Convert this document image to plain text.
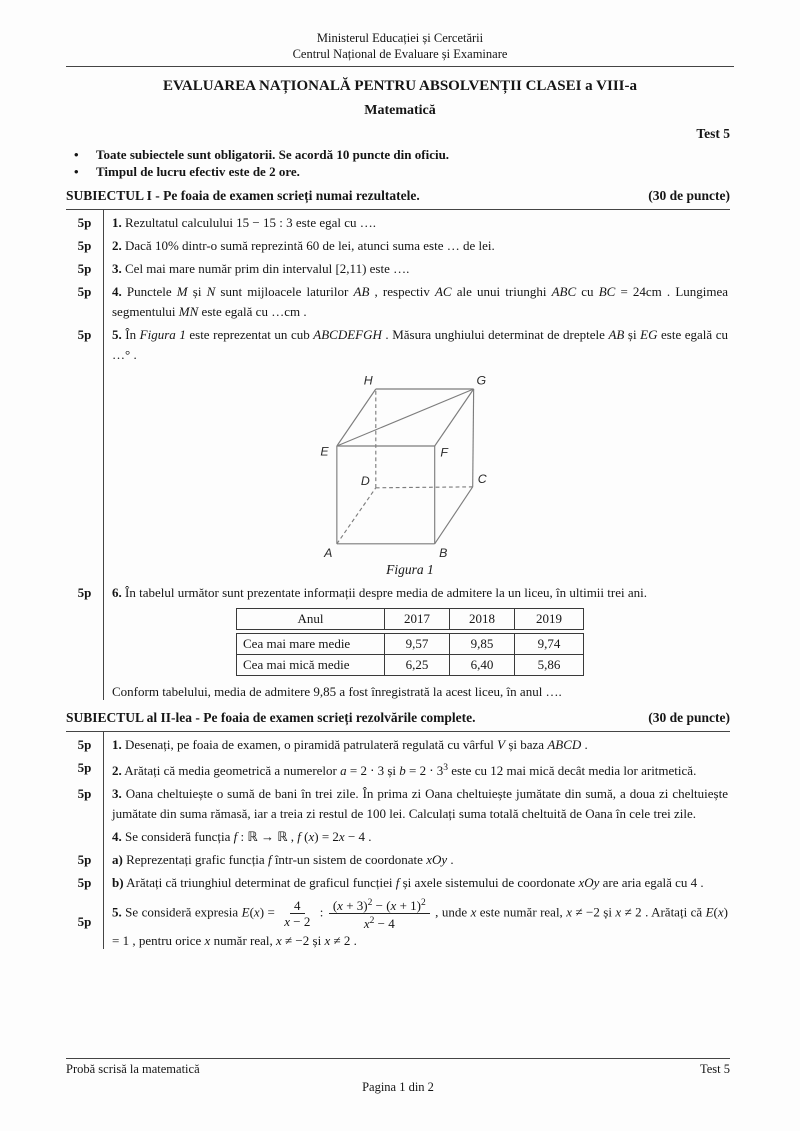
Ministerul Educației și Cercetării
Centrul Național de Evaluare și Examinare
EVALUAREA NAȚIONALĂ PENTRU ABSOLVENȚII CLASEI a VIII-a
Matematică
Test 5
•	Toate subiectele sunt obligatorii. Se acordă 10 puncte din oficiu.
•	Timpul de lucru efectiv este de 2 ore.
SUBIECTUL I - Pe foaia de examen scrieți numai rezultatele.	(30 de puncte)
5p	1. Rezultatul calculului 15 − 15 : 3 este egal cu ….
5p	2. Dacă 10% dintr-o sumă reprezintă 60 de lei, atunci suma este … de lei.
5p	3. Cel mai mare număr prim din intervalul [2,11) este ….
5p	4. Punctele M și N sunt mijloacele laturilor AB , respectiv AC ale unui triunghi ABC cu BC = 24cm . Lungimea segmentului MN este egală cu …cm .
5p	5. În Figura 1 este reprezentat un cub ABCDEFGH . Măsura unghiului determinat de dreptele AB și EG este egală cu …° .
H	G
E	F
D	C
A	B
Figura 1
5p	6. În tabelul următor sunt prezentate informații despre media de admitere la un liceu, în ultimii trei ani.
Anul	2017	2018	2019
Cea mai mare medie	9,57	9,85	9,74
Cea mai mică medie	6,25	6,40	5,86
Conform tabelului, media de admitere 9,85 a fost înregistrată la acest liceu, în anul ….
SUBIECTUL al II-lea - Pe foaia de examen scrieți rezolvările complete.	(30 de puncte)
5p	1. Desenați, pe foaia de examen, o piramidă patrulateră regulată cu vârful V și baza ABCD .
5p	2. Arătați că media geometrică a numerelor a = 2 ⋅ 3 și $b = 2 \cdot 3^3$ este cu 12 mai mică decât media lor aritmetică.
5p	3. Oana cheltuiește o sumă de bani în trei zile. În prima zi Oana cheltuiește jumătate din sumă, a doua zi cheltuiește jumătate din suma rămasă, iar a treia zi restul de 100 lei. Calculați suma totală cheltuită de Oana în cele trei zile.
4. Se consideră funcția f : ℝ → ℝ , f (x) = 2x − 4 .
5p	a) Reprezentați grafic funcția f într-un sistem de coordonate xOy .
5p	b) Arătați că triunghiul determinat de graficul funcției f și axele sistemului de coordonate xOy are aria egală cu 4 .
5p
5. Se consideră expresia $E(x) = \frac{4}{x - 2}$ : $\frac{(x + 3)^2 - (x + 1)^2}{x^2 - 4}$ , unde x este număr real, x ≠ −2 și x ≠ 2 . Arătați că E(x) = 1 , pentru orice x număr real, x ≠ −2 și x ≠ 2 .
Probă scrisă la matematică	Test 5
Pagina 1 din 2
